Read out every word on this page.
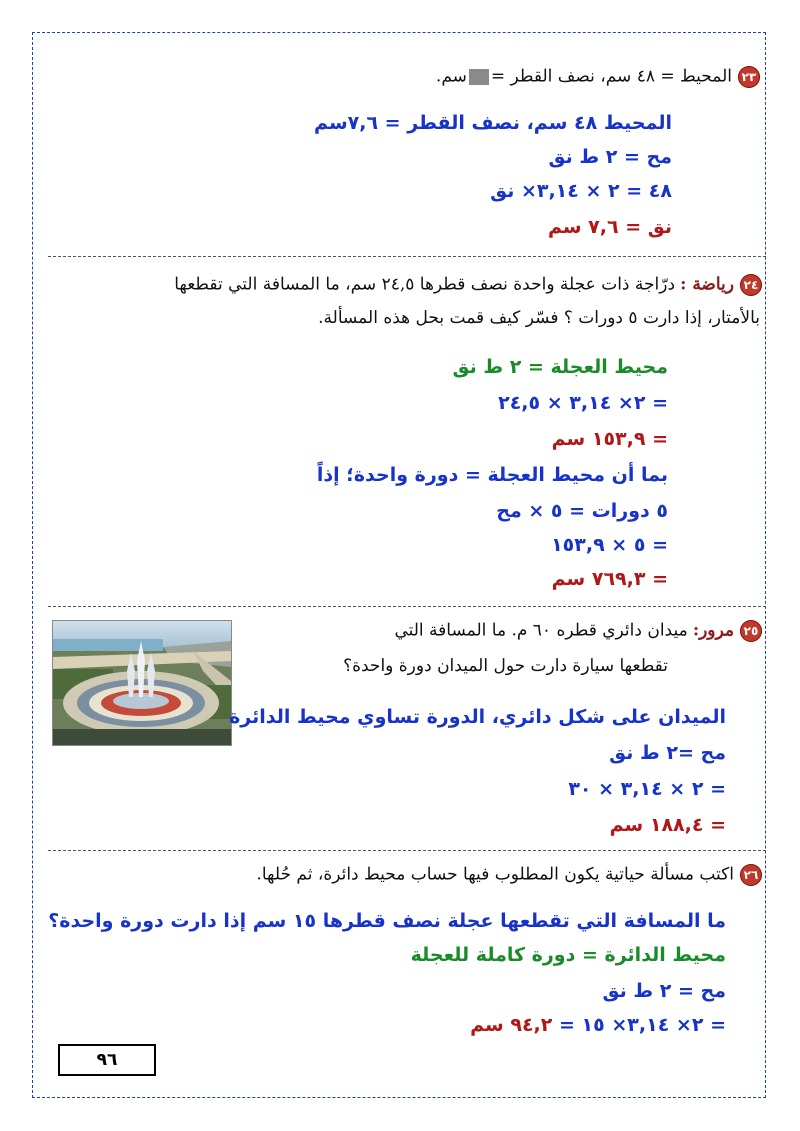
٢٣المحيط = ٤٨ سم، نصف القطر =سم.
المحيط ٤٨ سم، نصف القطر = ٧,٦سم
مح = ٢ ط نق
٤٨ = ٢ × ٣,١٤× نق
نق = ٧,٦ سم
٢٤رياضة : درّاجة ذات عجلة واحدة نصف قطرها ٢٤,٥ سم، ما المسافة التي تقطعها
بالأمتار، إذا دارت ٥ دورات ؟ فسّر كيف قمت بحل هذه المسألة.
محيط العجلة = ٢ ط نق
= ٢× ٣,١٤ × ٢٤,٥
= ١٥٣,٩ سم
بما أن محيط العجلة = دورة واحدة؛ إذاً
٥ دورات = ٥ × مح
= ٥ × ١٥٣,٩
= ٧٦٩,٣ سم
٢٥مرور: ميدان دائري قطره ٦٠ م. ما المسافة التي
تقطعها سيارة دارت حول الميدان دورة واحدة؟
الميدان على شكل دائري، الدورة تساوي محيط الدائرة
مح =٢ ط نق
= ٢ × ٣,١٤ × ٣٠
= ١٨٨,٤ سم
٢٦اكتب مسألة حياتية يكون المطلوب فيها حساب محيط دائرة، ثم حُلها.
ما المسافة التي تقطعها عجلة نصف قطرها ١٥ سم إذا دارت دورة واحدة؟
محيط الدائرة = دورة كاملة للعجلة
مح = ٢ ط نق
= ٢× ٣,١٤× ١٥ = ٩٤,٢ سم
٩٦
